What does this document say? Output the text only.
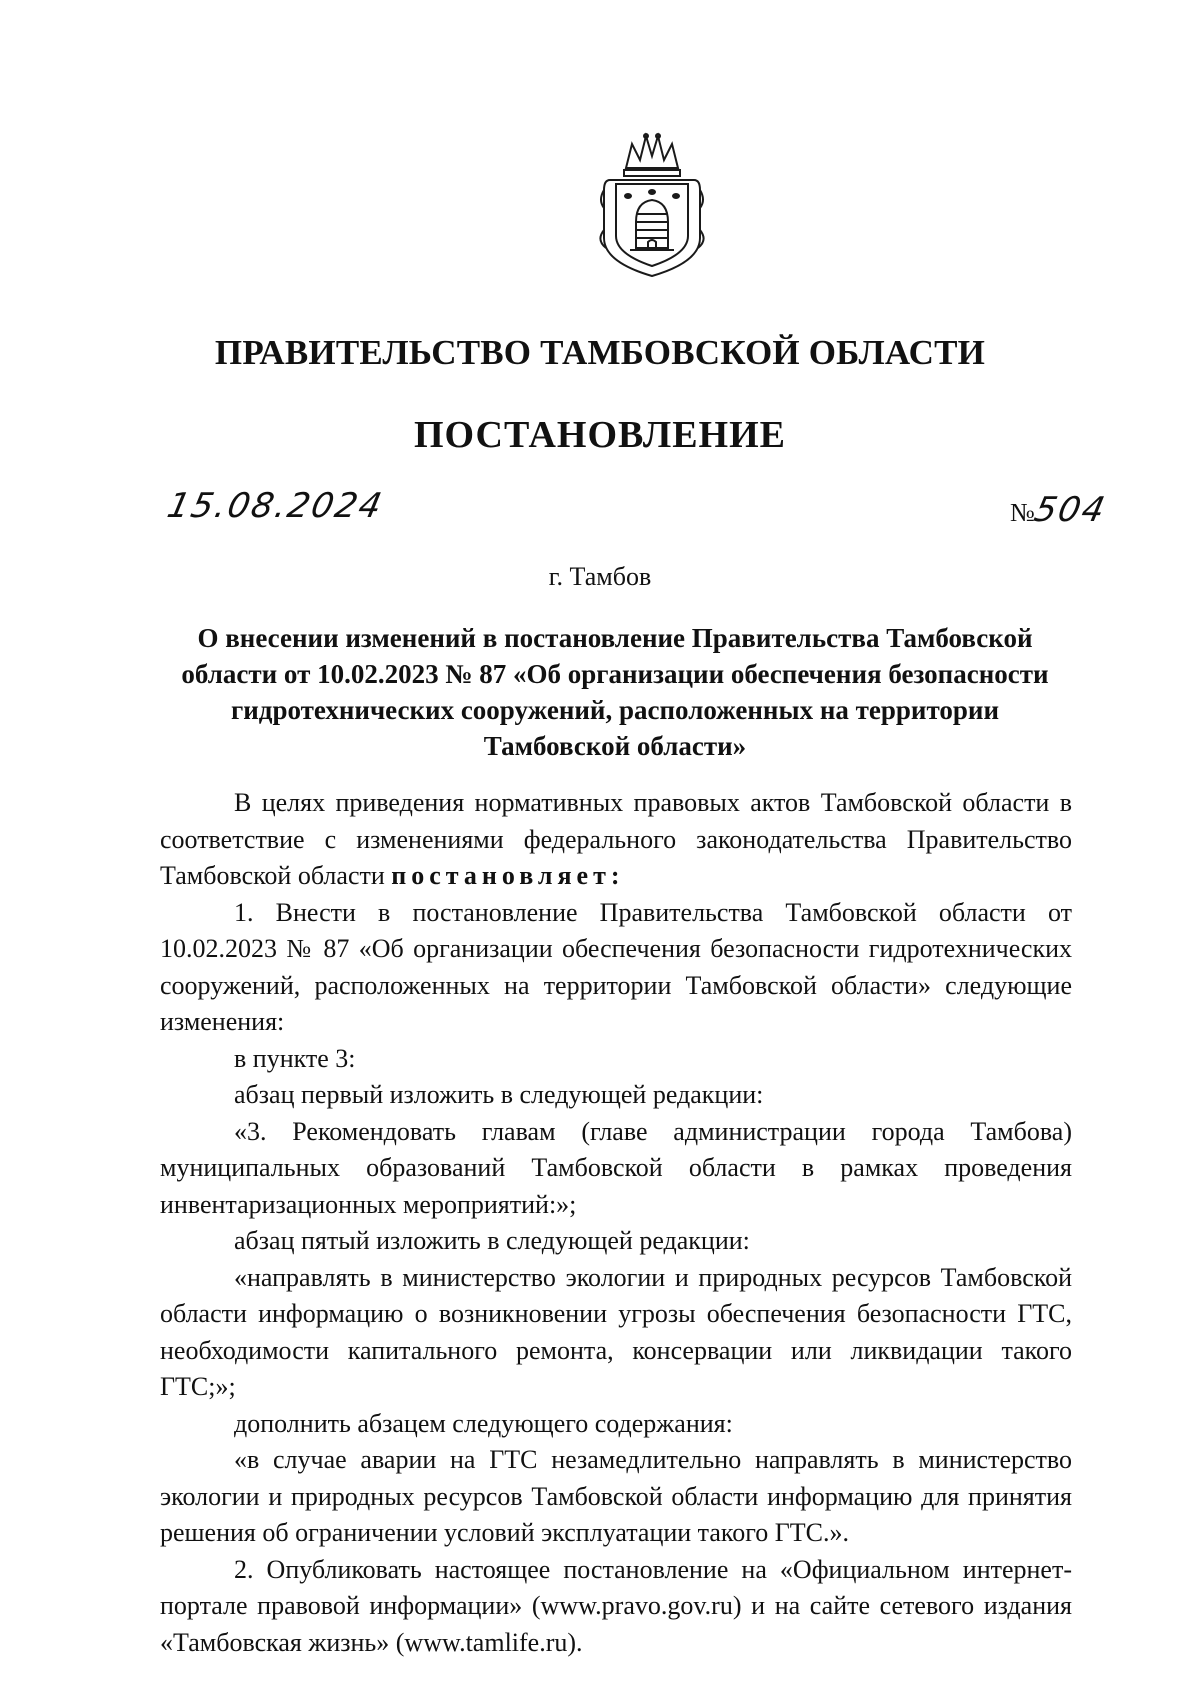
ПРАВИТЕЛЬСТВО ТАМБОВСКОЙ ОБЛАСТИ
ПОСТАНОВЛЕНИЕ
15.08.2024	№504
г. Тамбов
О внесении изменений в постановление Правительства Тамбовской области от 10.02.2023 № 87 «Об организации обеспечения безопасности гидротехнических сооружений, расположенных на территории Тамбовской области»

В целях приведения нормативных правовых актов Тамбовской области в соответствие с изменениями федерального законодательства Правительство Тамбовской области постановляет:

1. Внести в постановление Правительства Тамбовской области от 10.02.2023 № 87 «Об организации обеспечения безопасности гидротехнических сооружений, расположенных на территории Тамбовской области» следующие изменения:

в пункте 3:

абзац первый изложить в следующей редакции:

«3. Рекомендовать главам (главе администрации города Тамбова) муниципальных образований Тамбовской области в рамках проведения инвентаризационных мероприятий:»;

абзац пятый изложить в следующей редакции:

«направлять в министерство экологии и природных ресурсов Тамбовской области информацию о возникновении угрозы обеспечения безопасности ГТС, необходимости капитального ремонта, консервации или ликвидации такого ГТС;»;

дополнить абзацем следующего содержания:

«в случае аварии на ГТС незамедлительно направлять в министерство экологии и природных ресурсов Тамбовской области информацию для принятия решения об ограничении условий эксплуатации такого ГТС.».

2. Опубликовать настоящее постановление на «Официальном интернет-портале правовой информации» (www.pravo.gov.ru) и на сайте сетевого издания «Тамбовская жизнь» (www.tamlife.ru).
